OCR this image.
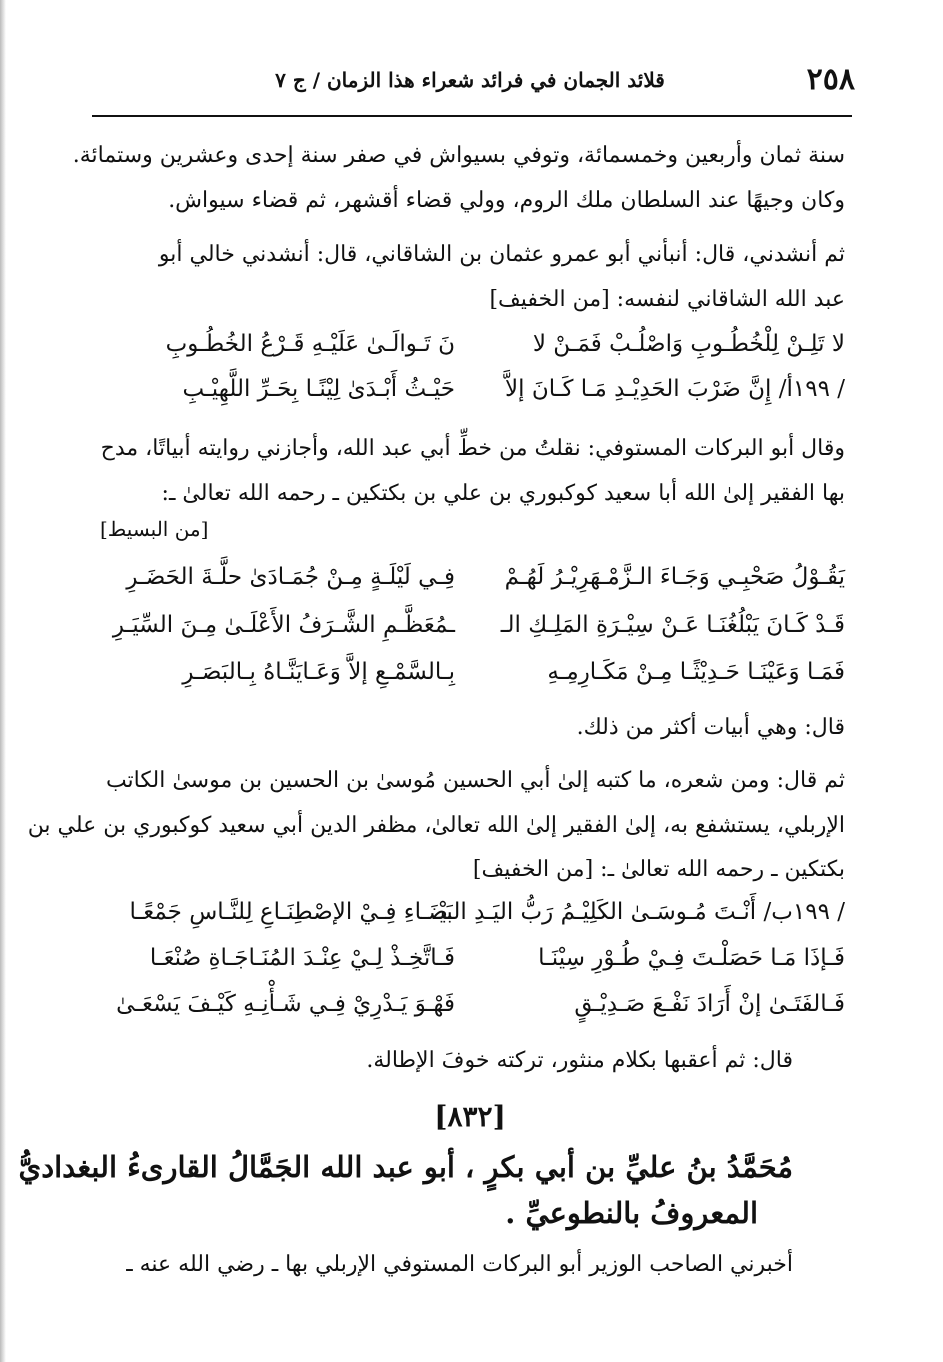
٢٥٨
قلائد الجمان في فرائد شعراء هذا الزمان / ج ٧
سنة ثمان وأربعين وخمسمائة، وتوفي بسيواش في صفر سنة إحدى وعشرين وستمائة.
وكان وجيهًا عند السلطان ملك الروم، وولي قضاء أقشهر، ثم قضاء سيواش.
ثم أنشدني، قال: أنبأني أبو عمرو عثمان بن الشاقاني، قال: أنشدني خالي أبو
عبد الله الشاقاني لنفسه: [من الخفيف]
لا تَلِـنْ لِلْخُطُـوبِ وَاصْلُـبْ فَمَـنْ لا
نَ تَـوالَـىٰ عَلَيْـهِ قَـرْعُ الخُطُـوبِ
/ ١٩٩أ/ إِنَّ ضَرْبَ الحَدِيْـدِ مَـا كَـانَ إلاَّ
حَيْـثُ أَبْـدَىٰ لِيْنًـا بِحَـرِّ اللَّهِيْـبِ
وقال أبو البركات المستوفي: نقلتُ من خطِّ أبي عبد الله، وأجازني روايته أبياتًا، مدح
بها الفقير إلىٰ الله أبا سعيد كوكبوري بن علي بن بكتكين ـ رحمه الله تعالىٰ ـ:
[من البسيط]
يَقُـوْلُ صَحْبِـي وَجَـاءَ الـزَّمْـهَرِيْـرُ لَهُـمْ
فِـي لَيْلَـةٍ مِـنْ جُمَـادَىٰ حلَّـةَ الحَضَـرِ
قَـدْ كَـانَ يَبْلُغُنَـا عَـنْ سِيْـرَةِ المَلِـكِ الـ
ـمُعَظَّـمِ الشَّـرَفُ الأَعْلَـىٰ مِـنَ السِّيَـرِ
فَمَـا وَعَيْنَـا حَـدِيْثًـا مِـنْ مَكَـارِمِـهِ
بِـالسَّمْـعِ إلاَّ وَعَـايَنَّـاهُ بِـالبَصَـرِ
قال: وهي أبيات أكثر من ذلك.
ثم قال: ومن شعره، ما كتبه إلىٰ أبي الحسين مُوسىٰ بن الحسين بن موسىٰ الكاتب
الإربلي، يستشفع به، إلىٰ الفقير إلىٰ الله تعالىٰ، مظفر الدين أبي سعيد كوكبوري بن علي بن
بكتكين ـ رحمه الله تعالىٰ ـ: [من الخفيف]
/ ١٩٩ب/ أَنْـتَ مُـوسَـىٰ الكَلِيْـمُ رَبُّ اليَـدِ البَيْـ
ـضَـاءِ فِـيْ الإصْطِنَـاعِ لِلنَّـاسِ جَمْعًـا
فَـإذَا مَـا حَصَلْـتَ فِـيْ طُـوْرِ سِيْنَـا
فَـاتَّخِـذْ لِـيْ عِنْـدَ المُنَـاجَـاةِ صُنْعَـا
فَـالفَتَـىٰ إنْ أَرَادَ نَفْـعَ صَـدِيْـقٍ
فَهْـوَ يَـدْرِيْ فِـي شَـأْنِـهِ كَيْـفَ يَسْعَـىٰ
قال: ثم أعقبها بكلام منثور، تركته خوفَ الإطالة.
[٨٣٢]
مُحَمَّدُ بنُ عليِّ بن أبي بكرٍ ، أبو عبد الله الجَمَّالُ القارىءُ البغداديُّ
المعروفُ بالنطوعيِّ .
أخبرني الصاحب الوزير أبو البركات المستوفي الإربلي بها ـ رضي الله عنه ـ
